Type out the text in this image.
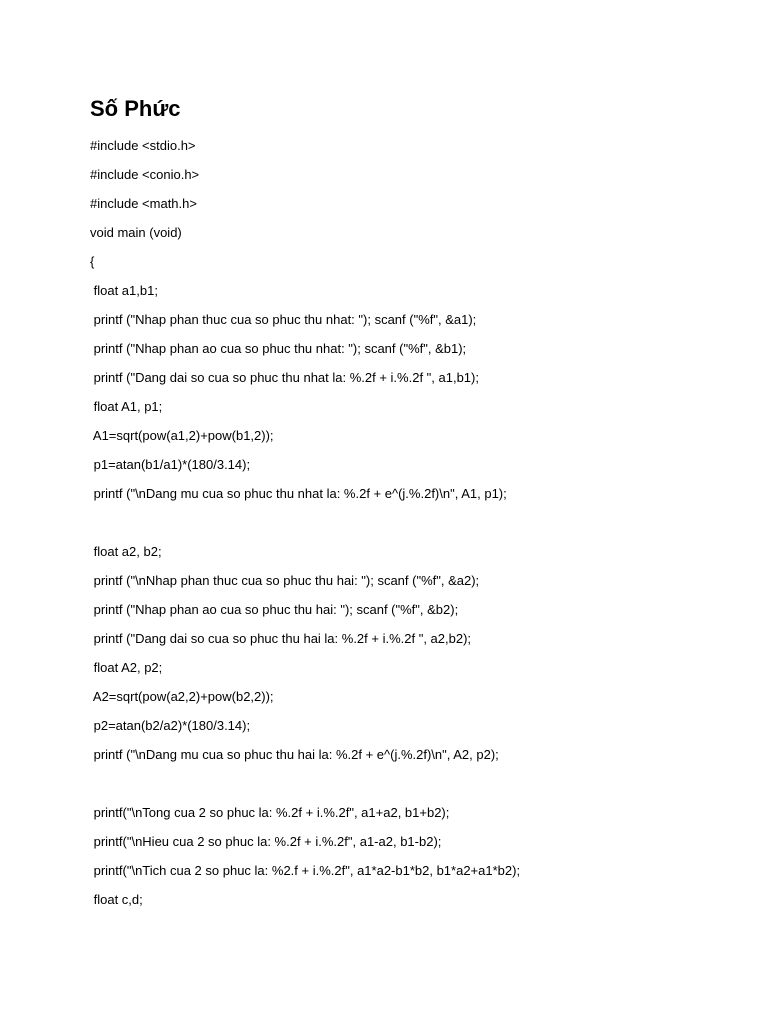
Số Phức
#include <stdio.h>
#include <conio.h>
#include <math.h>
void main (void)
{
float a1,b1;
printf ("Nhap phan thuc cua so phuc thu nhat: "); scanf ("%f", &a1);
printf ("Nhap phan ao cua so phuc thu nhat: "); scanf ("%f", &b1);
printf ("Dang dai so cua so phuc thu nhat la: %.2f + i.%.2f ", a1,b1);
float A1, p1;
A1=sqrt(pow(a1,2)+pow(b1,2));
p1=atan(b1/a1)*(180/3.14);
printf ("\nDang mu cua so phuc thu nhat la: %.2f + e^(j.%.2f)\n", A1, p1);
float a2, b2;
printf ("\nNhap phan thuc cua so phuc thu hai: "); scanf ("%f", &a2);
printf ("Nhap phan ao cua so phuc thu hai: "); scanf ("%f", &b2);
printf ("Dang dai so cua so phuc thu hai la: %.2f + i.%.2f ", a2,b2);
float A2, p2;
A2=sqrt(pow(a2,2)+pow(b2,2));
p2=atan(b2/a2)*(180/3.14);
printf ("\nDang mu cua so phuc thu hai la: %.2f + e^(j.%.2f)\n", A2, p2);
printf("\nTong cua 2 so phuc la: %.2f + i.%.2f", a1+a2, b1+b2);
printf("\nHieu cua 2 so phuc la: %.2f + i.%.2f", a1-a2, b1-b2);
printf("\nTich cua 2 so phuc la: %2.f + i.%.2f", a1*a2-b1*b2, b1*a2+a1*b2);
float c,d;
